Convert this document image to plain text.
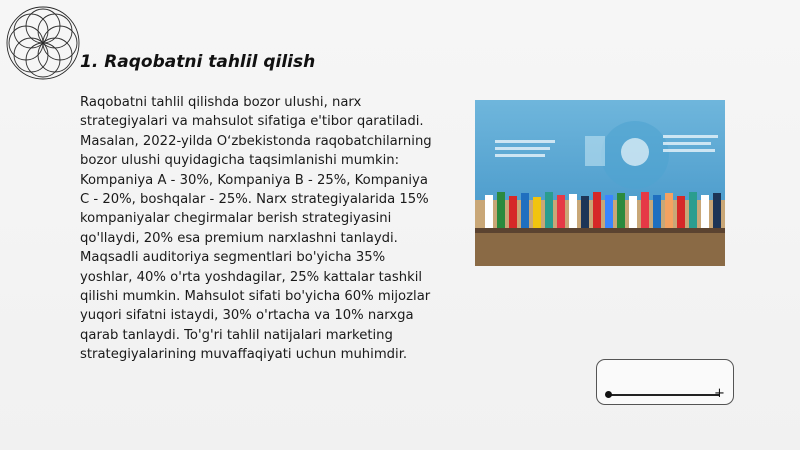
1. Raqobatni tahlil qilish
Raqobatni tahlil qilishda bozor ulushi, narx strategiyalari va mahsulot sifatiga e'tibor qaratiladi. Masalan, 2022-yilda Oʻzbekistonda raqobatchilarning bozor ulushi quyidagicha taqsimlanishi mumkin: Kompaniya A - 30%, Kompaniya B - 25%, Kompaniya C - 20%, boshqalar - 25%. Narx strategiyalarida 15% kompaniyalar chegirmalar berish strategiyasini qo'llaydi, 20% esa premium narxlashni tanlaydi. Maqsadli auditoriya segmentlari bo'yicha 35% yoshlar, 40% o'rta yoshdagilar, 25% kattalar tashkil qilishi mumkin. Mahsulot sifati bo'yicha 60% mijozlar yuqori sifatni istaydi, 30% o'rtacha va 10% narxga qarab tanlaydi. To'g'ri tahlil natijalari marketing strategiyalarining muvaffaqiyati uchun muhimdir.
+
